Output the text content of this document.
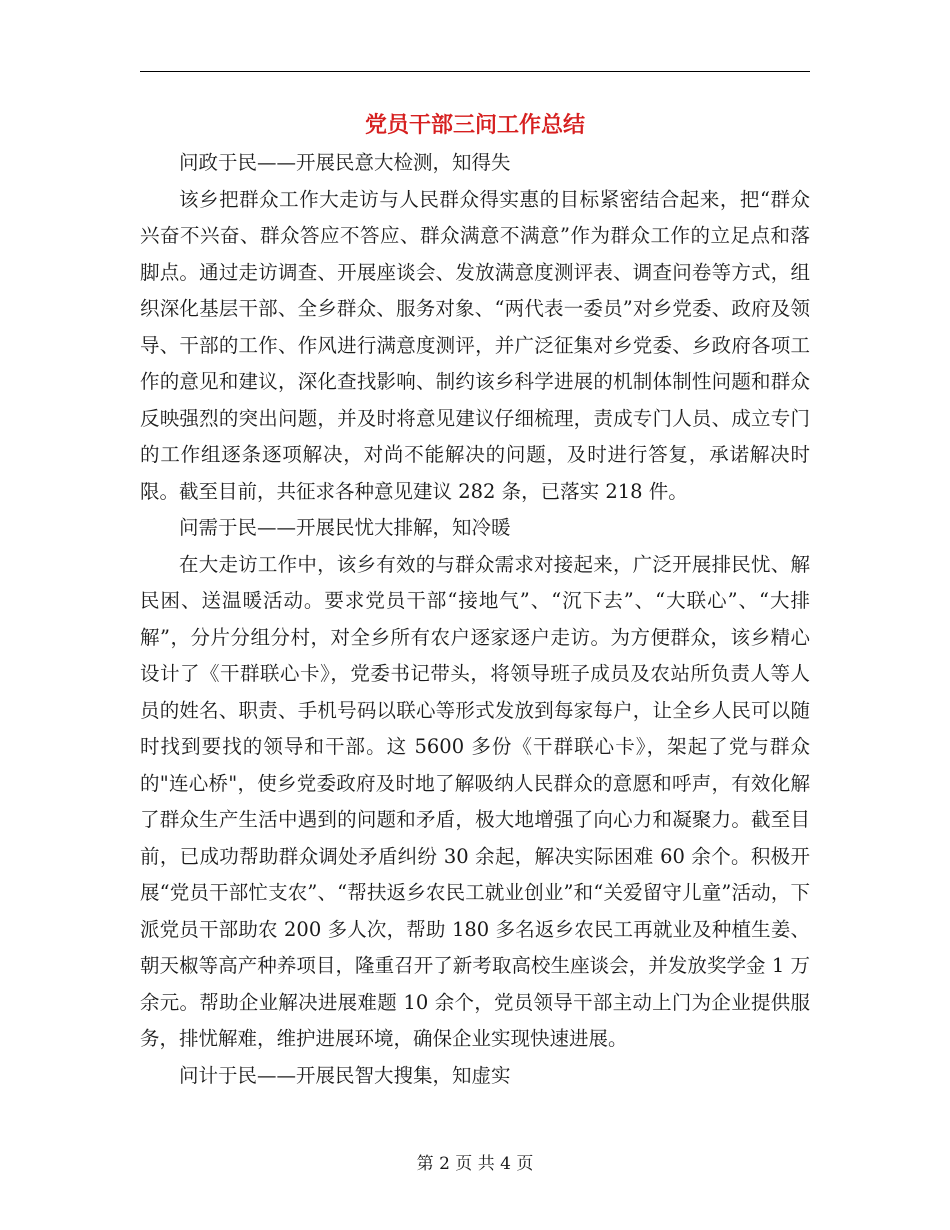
党员干部三问工作总结

问政于民——开展民意大检测，知得失

该乡把群众工作大走访与人民群众得实惠的目标紧密结合起来，把“群众兴奋不兴奋、群众答应不答应、群众满意不满意”作为群众工作的立足点和落脚点。通过走访调查、开展座谈会、发放满意度测评表、调查问卷等方式，组织深化基层干部、全乡群众、服务对象、“两代表一委员”对乡党委、政府及领导、干部的工作、作风进行满意度测评，并广泛征集对乡党委、乡政府各项工作的意见和建议，深化查找影响、制约该乡科学进展的机制体制性问题和群众反映强烈的突出问题，并及时将意见建议仔细梳理，责成专门人员、成立专门的工作组逐条逐项解决，对尚不能解决的问题，及时进行答复，承诺解决时限。截至目前，共征求各种意见建议 282 条，已落实 218 件。

问需于民——开展民忧大排解，知冷暖

在大走访工作中，该乡有效的与群众需求对接起来，广泛开展排民忧、解民困、送温暖活动。要求党员干部“接地气”、“沉下去”、“大联心”、“大排解”，分片分组分村，对全乡所有农户逐家逐户走访。为方便群众，该乡精心设计了《干群联心卡》，党委书记带头，将领导班子成员及农站所负责人等人员的姓名、职责、手机号码以联心等形式发放到每家每户，让全乡人民可以随时找到要找的领导和干部。这 5600 多份《干群联心卡》，架起了党与群众的"连心桥"，使乡党委政府及时地了解吸纳人民群众的意愿和呼声，有效化解了群众生产生活中遇到的问题和矛盾，极大地增强了向心力和凝聚力。截至目前，已成功帮助群众调处矛盾纠纷 30 余起，解决实际困难 60 余个。积极开展“党员干部忙支农”、“帮扶返乡农民工就业创业”和“关爱留守儿童”活动，下派党员干部助农 200 多人次，帮助 180 多名返乡农民工再就业及种植生姜、朝天椒等高产种养项目，隆重召开了新考取高校生座谈会，并发放奖学金 1 万余元。帮助企业解决进展难题 10 余个，党员领导干部主动上门为企业提供服务，排忧解难，维护进展环境，确保企业实现快速进展。

问计于民——开展民智大搜集，知虚实

第 2 页 共 4 页
